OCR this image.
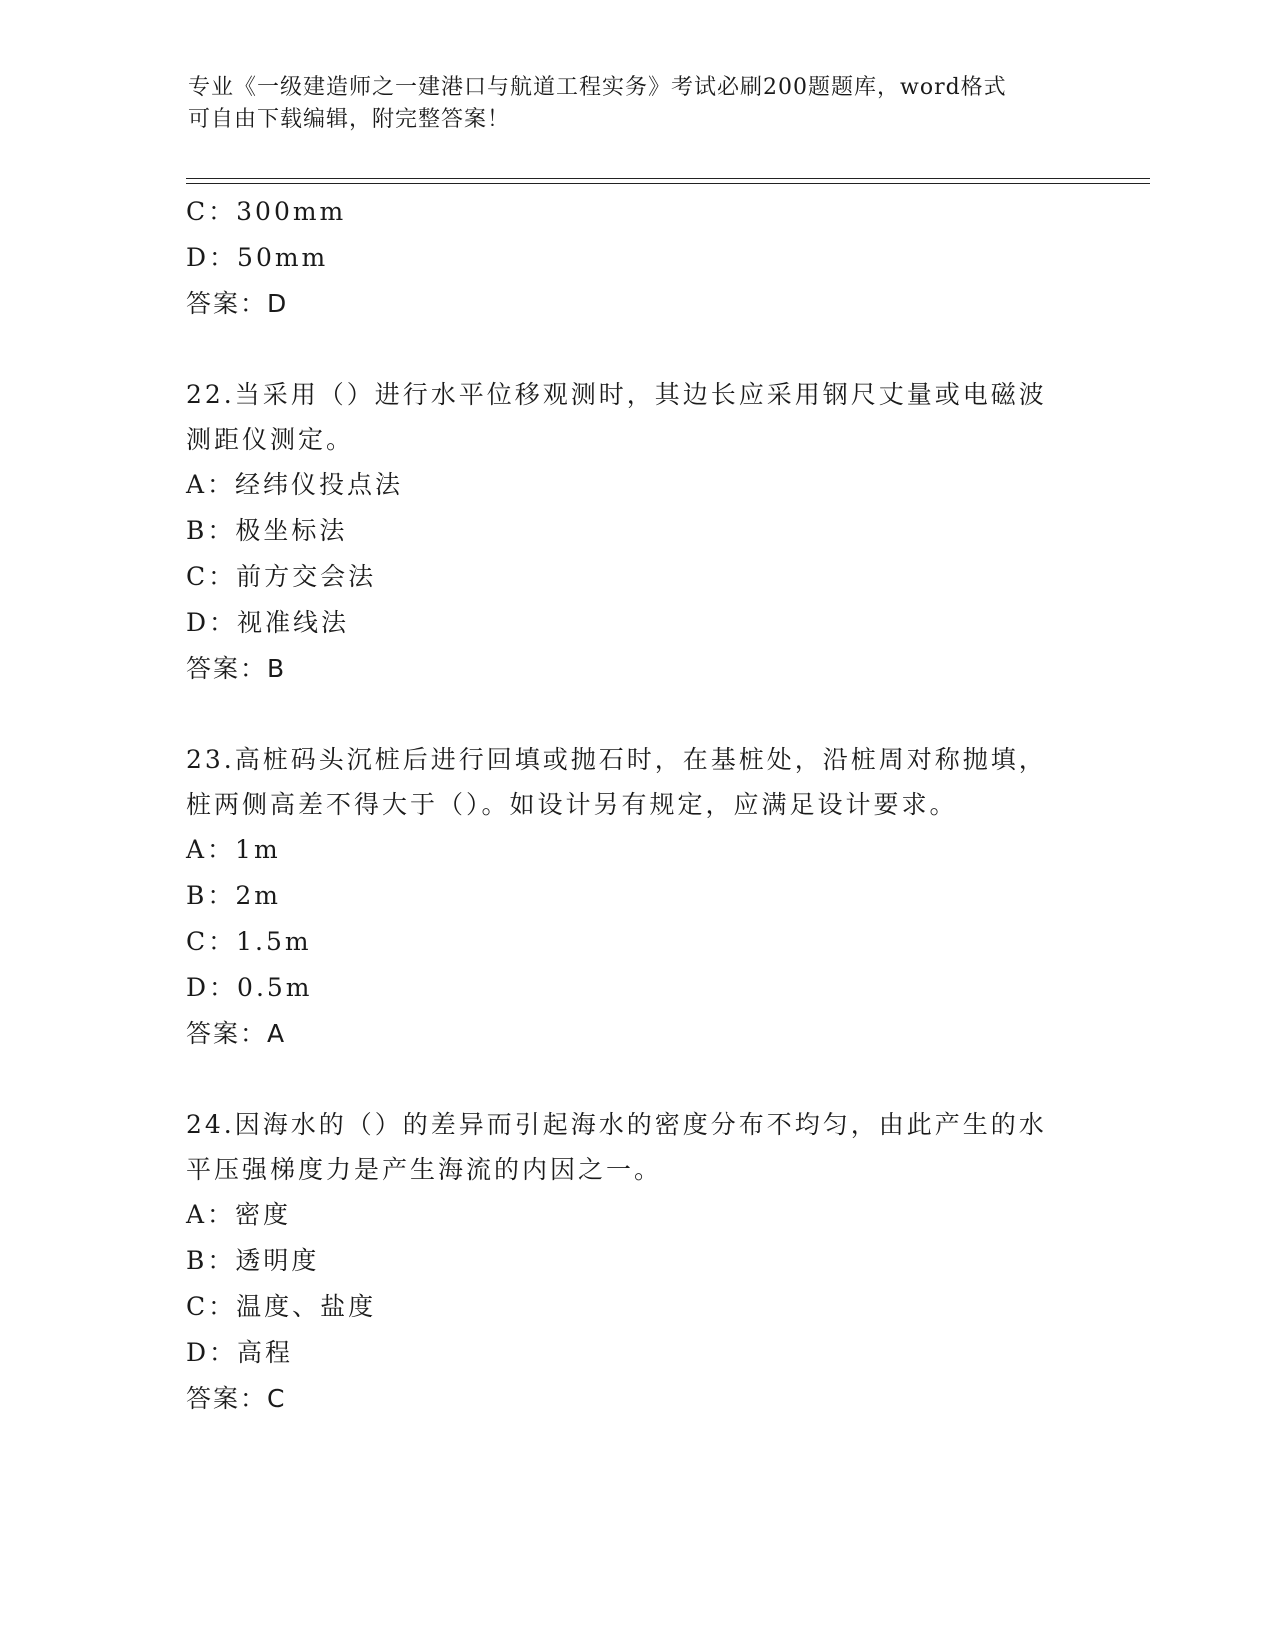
专业《一级建造师之一建港口与航道工程实务》考试必刷200题题库，word格式
可自由下载编辑，附完整答案！
C：300mm
D：50mm
答案：D
22.当采用（）进行水平位移观测时，其边长应采用钢尺丈量或电磁波
测距仪测定。
A：经纬仪投点法
B：极坐标法
C：前方交会法
D：视准线法
答案：B
23.高桩码头沉桩后进行回填或抛石时，在基桩处，沿桩周对称抛填，
桩两侧高差不得大于（）。如设计另有规定，应满足设计要求。
A：1m
B：2m
C：1.5m
D：0.5m
答案：A
24.因海水的（）的差异而引起海水的密度分布不均匀，由此产生的水
平压强梯度力是产生海流的内因之一。
A：密度
B：透明度
C：温度、盐度
D：高程
答案：C
